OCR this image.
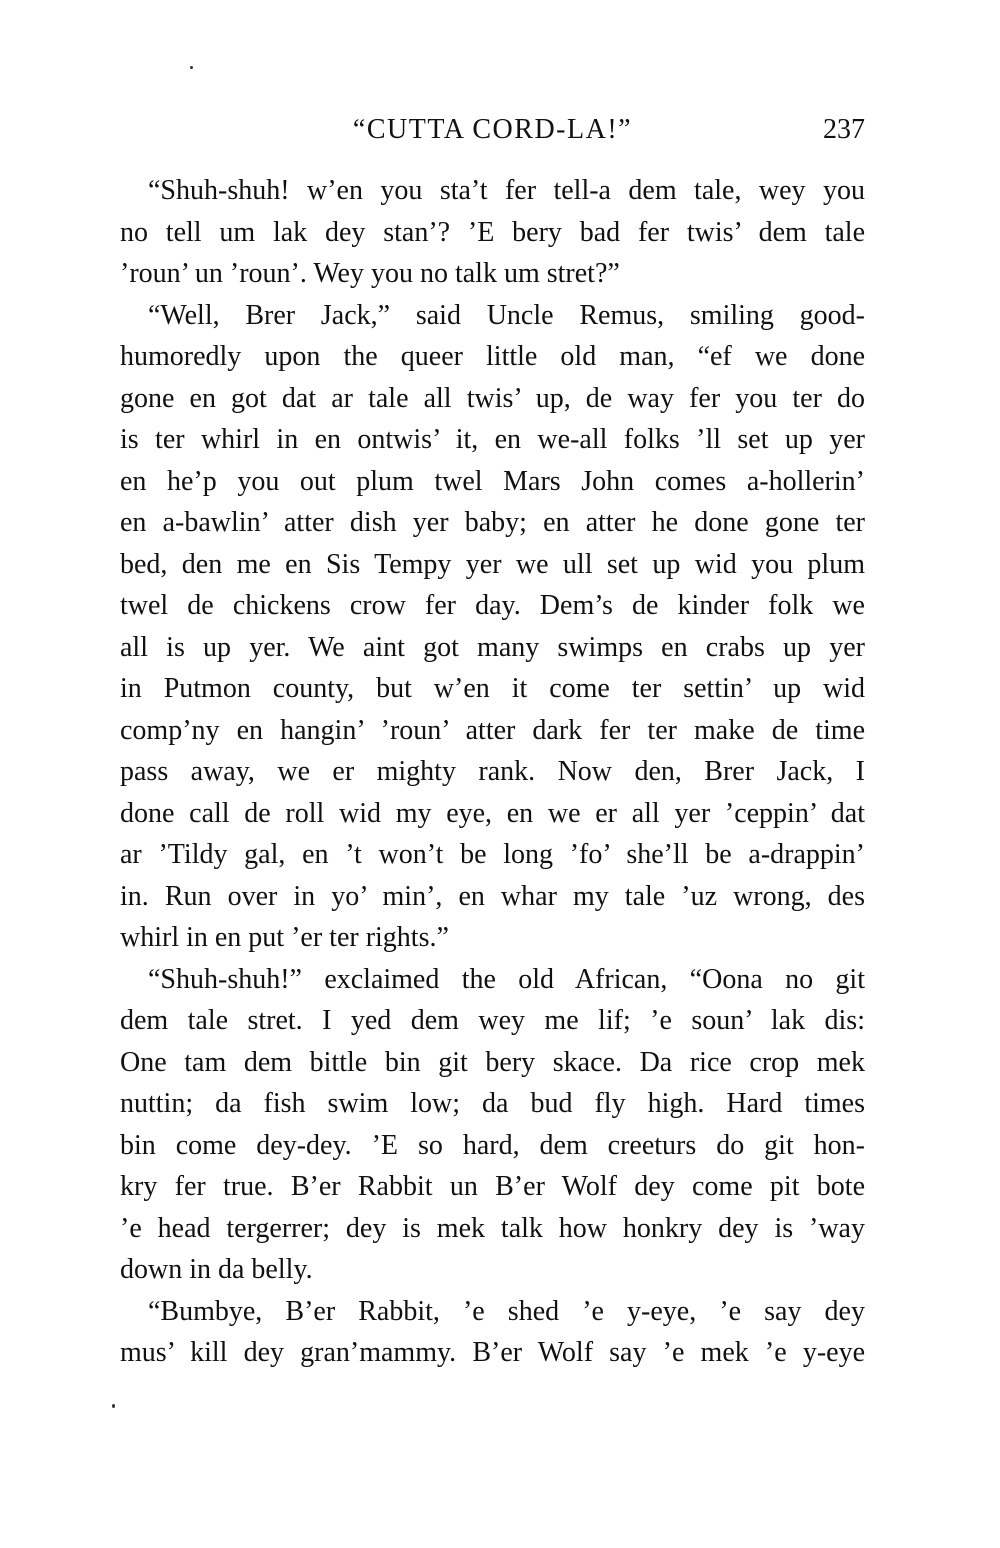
“CUTTA CORD-LA!”	237
“Shuh-shuh! w’en you sta’t fer tell-a dem tale, wey you
no tell um lak dey stan’? ’E bery bad fer twis’ dem tale
’roun’ un ’roun’. Wey you no talk um stret?”
“Well, Brer Jack,” said Uncle Remus, smiling good-
humoredly upon the queer little old man, “ef we done
gone en got dat ar tale all twis’ up, de way fer you ter do
is ter whirl in en ontwis’ it, en we-all folks ’ll set up yer
en he’p you out plum twel Mars John comes a-hollerin’
en a-bawlin’ atter dish yer baby; en atter he done gone ter
bed, den me en Sis Tempy yer we ull set up wid you plum
twel de chickens crow fer day. Dem’s de kinder folk we
all is up yer. We aint got many swimps en crabs up yer
in Putmon county, but w’en it come ter settin’ up wid
comp’ny en hangin’ ’roun’ atter dark fer ter make de time
pass away, we er mighty rank. Now den, Brer Jack, I
done call de roll wid my eye, en we er all yer ’ceppin’ dat
ar ’Tildy gal, en ’t won’t be long ’fo’ she’ll be a-drappin’
in. Run over in yo’ min’, en whar my tale ’uz wrong, des
whirl in en put ’er ter rights.”
“Shuh-shuh!” exclaimed the old African, “Oona no git
dem tale stret. I yed dem wey me lif; ’e soun’ lak dis:
One tam dem bittle bin git bery skace. Da rice crop mek
nuttin; da fish swim low; da bud fly high. Hard times
bin come dey-dey. ’E so hard, dem creeturs do git hon-
kry fer true. B’er Rabbit un B’er Wolf dey come pit bote
’e head tergerrer; dey is mek talk how honkry dey is ’way
down in da belly.
“Bumbye, B’er Rabbit, ’e shed ’e y-eye, ’e say dey
mus’ kill dey gran’mammy. B’er Wolf say ’e mek ’e y-eye
